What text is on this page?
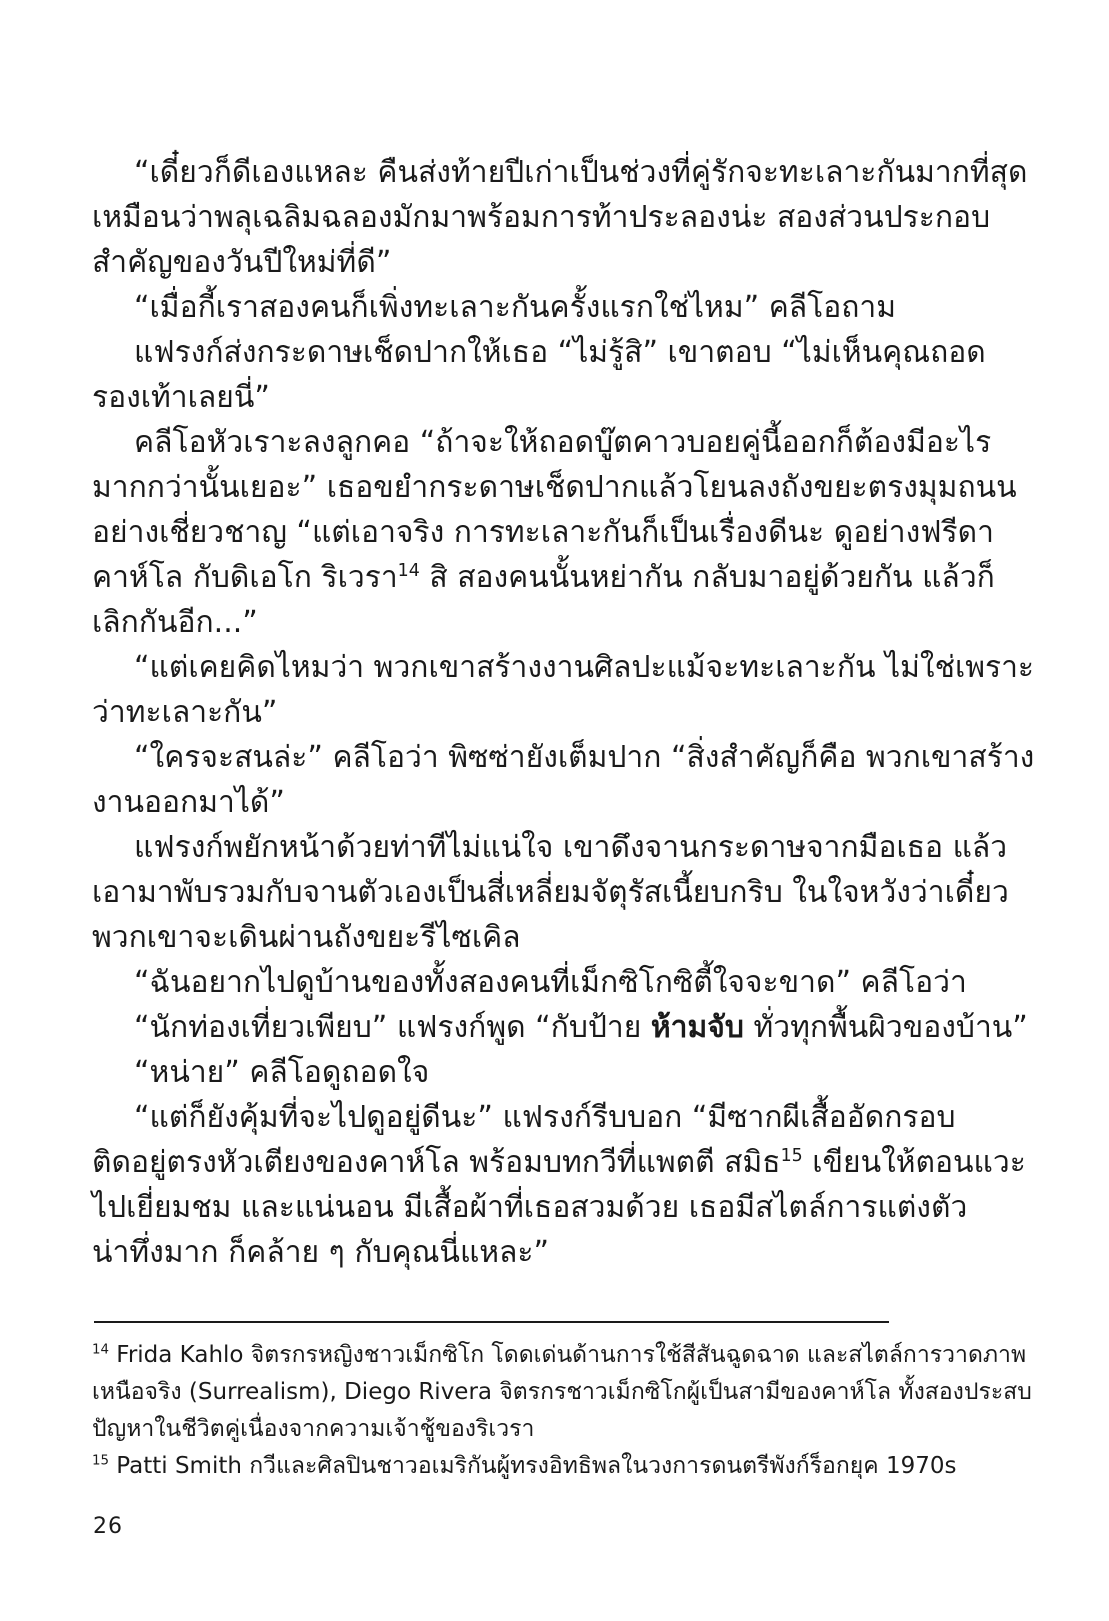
“เดี๋ยวก็ดีเองแหละ คืนส่งท้ายปีเก่าเป็นช่วงที่คู่รักจะทะเลาะกันมากที่สุด
เหมือนว่าพลุเฉลิมฉลองมักมาพร้อมการท้าประลองน่ะ สองส่วนประกอบ
สำคัญของวันปีใหม่ที่ดี”
“เมื่อกี้เราสองคนก็เพิ่งทะเลาะกันครั้งแรกใช่ไหม” คลีโอถาม
แฟรงก์ส่งกระดาษเช็ดปากให้เธอ “ไม่รู้สิ” เขาตอบ “ไม่เห็นคุณถอด
รองเท้าเลยนี่”
คลีโอหัวเราะลงลูกคอ “ถ้าจะให้ถอดบู๊ตคาวบอยคู่นี้ออกก็ต้องมีอะไร
มากกว่านั้นเยอะ” เธอขยำกระดาษเช็ดปากแล้วโยนลงถังขยะตรงมุมถนน
อย่างเชี่ยวชาญ “แต่เอาจริง การทะเลาะกันก็เป็นเรื่องดีนะ ดูอย่างฟรีดา
คาห์โล กับดิเอโก ริเวรา$^{14}$ สิ สองคนนั้นหย่ากัน กลับมาอยู่ด้วยกัน แล้วก็
เลิกกันอีก...”
“แต่เคยคิดไหมว่า พวกเขาสร้างงานศิลปะแม้จะทะเลาะกัน ไม่ใช่เพราะ
ว่าทะเลาะกัน”
“ใครจะสนล่ะ” คลีโอว่า พิซซ่ายังเต็มปาก “สิ่งสำคัญก็คือ พวกเขาสร้าง
งานออกมาได้”
แฟรงก์พยักหน้าด้วยท่าทีไม่แน่ใจ เขาดึงจานกระดาษจากมือเธอ แล้ว
เอามาพับรวมกับจานตัวเองเป็นสี่เหลี่ยมจัตุรัสเนี้ยบกริบ ในใจหวังว่าเดี๋ยว
พวกเขาจะเดินผ่านถังขยะรีไซเคิล
“ฉันอยากไปดูบ้านของทั้งสองคนที่เม็กซิโกซิตี้ใจจะขาด” คลีโอว่า
“นักท่องเที่ยวเพียบ” แฟรงก์พูด “กับป้าย ห้ามจับ ทั่วทุกพื้นผิวของบ้าน”
“หน่าย” คลีโอดูถอดใจ
“แต่ก็ยังคุ้มที่จะไปดูอยู่ดีนะ” แฟรงก์รีบบอก “มีซากผีเสื้ออัดกรอบ
ติดอยู่ตรงหัวเตียงของคาห์โล พร้อมบทกวีที่แพตตี สมิธ$^{15}$ เขียนให้ตอนแวะ
ไปเยี่ยมชม และแน่นอน มีเสื้อผ้าที่เธอสวมด้วย เธอมีสไตล์การแต่งตัว
น่าทึ่งมาก ก็คล้าย ๆ กับคุณนี่แหละ”
$^{14}$ Frida Kahlo จิตรกรหญิงชาวเม็กซิโก โดดเด่นด้านการใช้สีสันฉูดฉาด และสไตล์การวาดภาพ
เหนือจริง (Surrealism), Diego Rivera จิตรกรชาวเม็กซิโกผู้เป็นสามีของคาห์โล ทั้งสองประสบ
ปัญหาในชีวิตคู่เนื่องจากความเจ้าชู้ของริเวรา
$^{15}$ Patti Smith กวีและศิลปินชาวอเมริกันผู้ทรงอิทธิพลในวงการดนตรีพังก์ร็อกยุค 1970s
26
